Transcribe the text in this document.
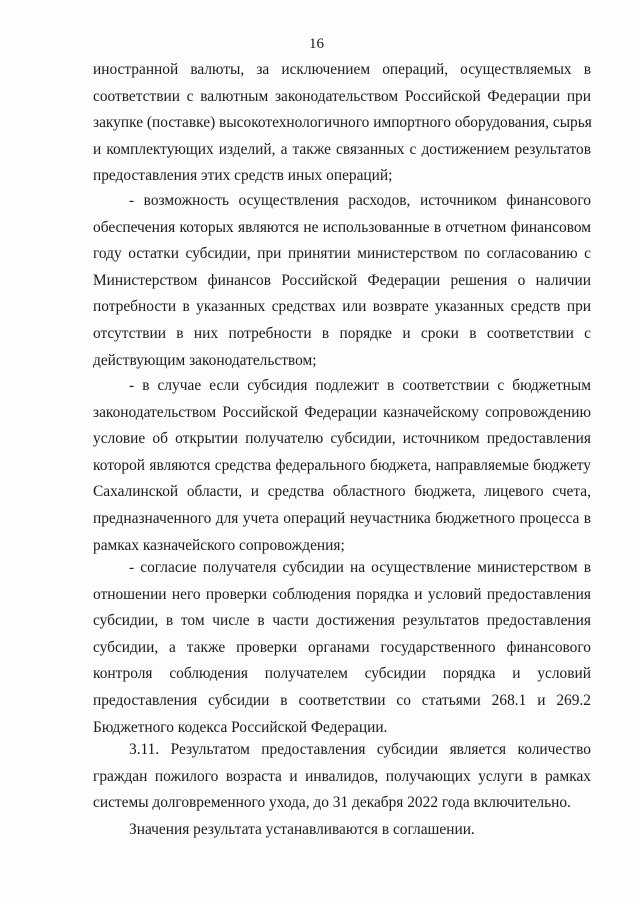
16
иностранной валюты, за исключением операций, осуществляемых в
соответствии с валютным законодательством Российской Федерации при
закупке (поставке) высокотехнологичного импортного оборудования, сырья
и комплектующих изделий, а также связанных с достижением результатов
предоставления этих средств иных операций;
- возможность осуществления расходов, источником финансового
обеспечения которых являются не использованные в отчетном финансовом
году остатки субсидии, при принятии министерством по согласованию с
Министерством финансов Российской Федерации решения о наличии
потребности в указанных средствах или возврате указанных средств при
отсутствии в них потребности в порядке и сроки в соответствии с
действующим законодательством;
- в случае если субсидия подлежит в соответствии с бюджетным
законодательством Российской Федерации казначейскому сопровождению
условие об открытии получателю субсидии, источником предоставления
которой являются средства федерального бюджета, направляемые бюджету
Сахалинской области, и средства областного бюджета, лицевого счета,
предназначенного для учета операций неучастника бюджетного процесса в
рамках казначейского сопровождения;
- согласие получателя субсидии на осуществление министерством в
отношении него проверки соблюдения порядка и условий предоставления
субсидии, в том числе в части достижения результатов предоставления
субсидии, а также проверки органами государственного финансового
контроля соблюдения получателем субсидии порядка и условий
предоставления субсидии в соответствии со статьями 268.1 и 269.2
Бюджетного кодекса Российской Федерации.
3.11. Результатом предоставления субсидии является количество
граждан пожилого возраста и инвалидов, получающих услуги в рамках
системы долговременного ухода, до 31 декабря 2022 года включительно.
Значения результата устанавливаются в соглашении.
